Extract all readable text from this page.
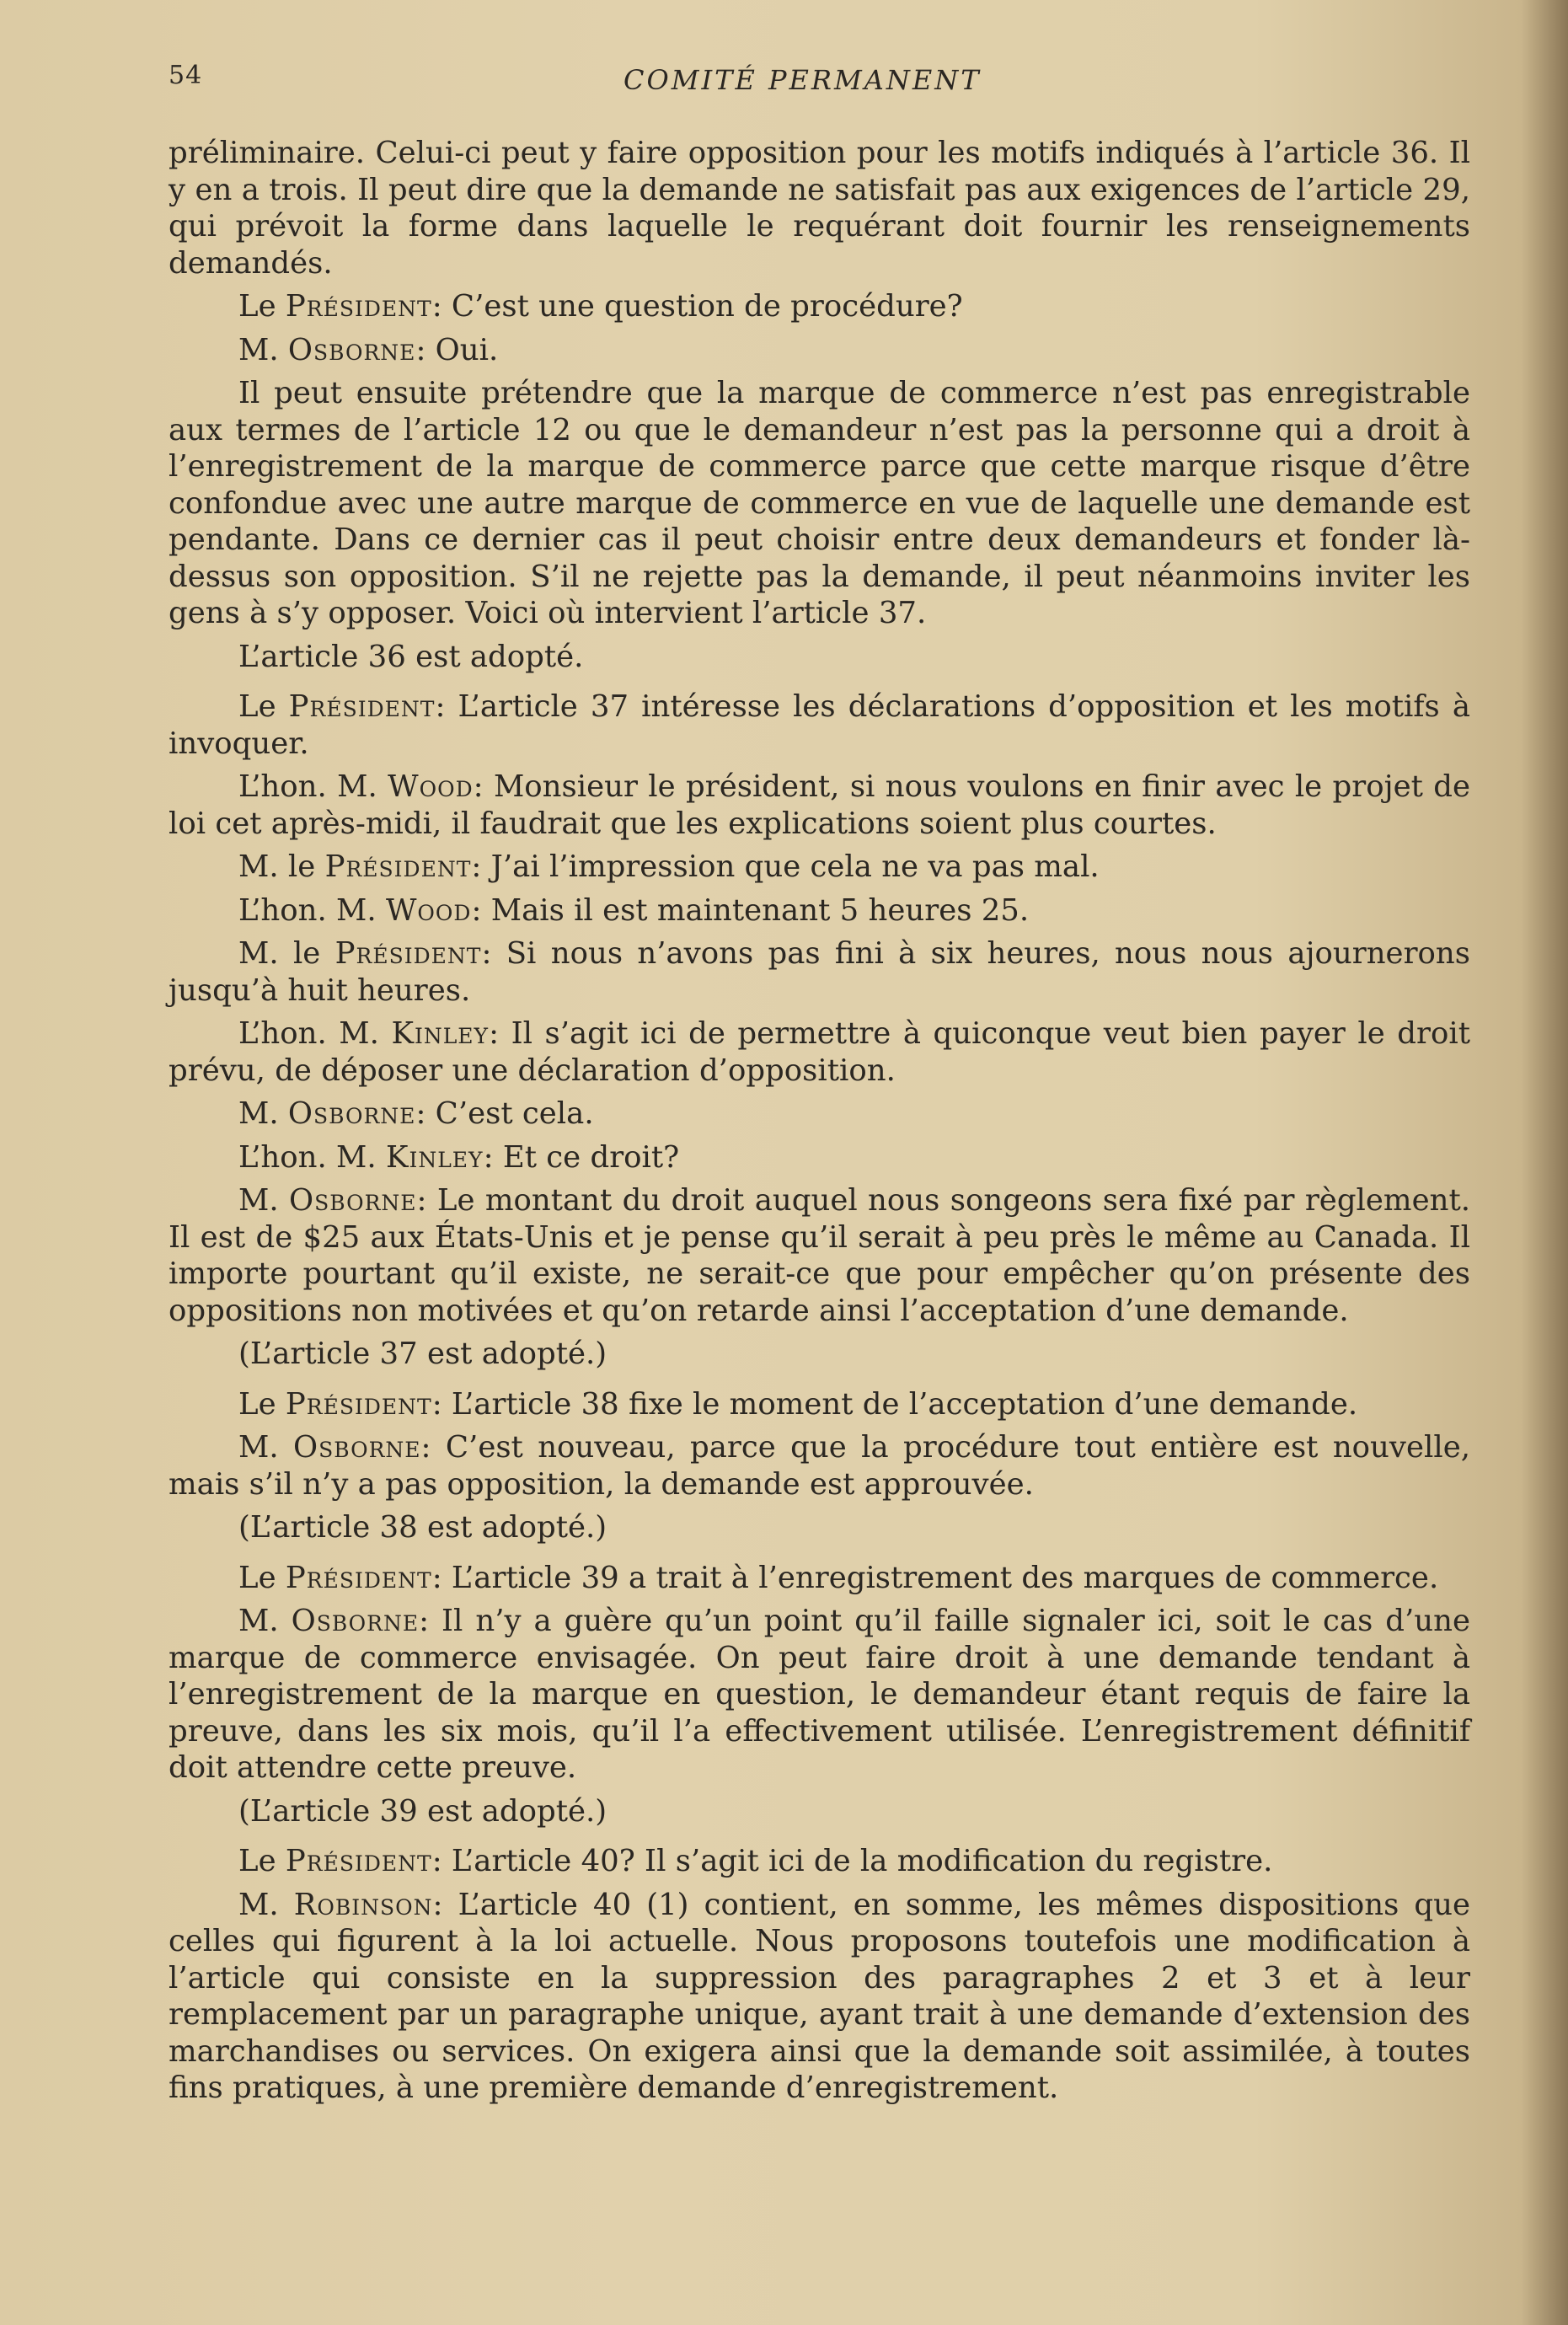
54	COMITÉ PERMANENT

préliminaire. Celui-ci peut y faire opposition pour les motifs indiqués à l’article 36. Il y en a trois. Il peut dire que la demande ne satisfait pas aux exigences de l’article 29, qui prévoit la forme dans laquelle le requérant doit fournir les renseignements demandés.

Le Président: C’est une question de procédure?

M. Osborne: Oui.

Il peut ensuite prétendre que la marque de commerce n’est pas enregistrable aux termes de l’article 12 ou que le demandeur n’est pas la personne qui a droit à l’enregistrement de la marque de commerce parce que cette marque risque d’être confondue avec une autre marque de commerce en vue de laquelle une demande est pendante. Dans ce dernier cas il peut choisir entre deux demandeurs et fonder là-dessus son opposition. S’il ne rejette pas la demande, il peut néanmoins inviter les gens à s’y opposer. Voici où intervient l’article 37.

L’article 36 est adopté.

Le Président: L’article 37 intéresse les déclarations d’opposition et les motifs à invoquer.

L’hon. M. Wood: Monsieur le président, si nous voulons en finir avec le projet de loi cet après-midi, il faudrait que les explications soient plus courtes.

M. le Président: J’ai l’impression que cela ne va pas mal.

L’hon. M. Wood: Mais il est maintenant 5 heures 25.

M. le Président: Si nous n’avons pas fini à six heures, nous nous ajournerons jusqu’à huit heures.

L’hon. M. Kinley: Il s’agit ici de permettre à quiconque veut bien payer le droit prévu, de déposer une déclaration d’opposition.

M. Osborne: C’est cela.

L’hon. M. Kinley: Et ce droit?

M. Osborne: Le montant du droit auquel nous songeons sera fixé par règlement. Il est de $25 aux États-Unis et je pense qu’il serait à peu près le même au Canada. Il importe pourtant qu’il existe, ne serait-ce que pour empêcher qu’on présente des oppositions non motivées et qu’on retarde ainsi l’acceptation d’une demande.

(L’article 37 est adopté.)

Le Président: L’article 38 fixe le moment de l’acceptation d’une demande.

M. Osborne: C’est nouveau, parce que la procédure tout entière est nouvelle, mais s’il n’y a pas opposition, la demande est approuvée.

(L’article 38 est adopté.)

Le Président: L’article 39 a trait à l’enregistrement des marques de commerce.

M. Osborne: Il n’y a guère qu’un point qu’il faille signaler ici, soit le cas d’une marque de commerce envisagée. On peut faire droit à une demande tendant à l’enregistrement de la marque en question, le demandeur étant requis de faire la preuve, dans les six mois, qu’il l’a effectivement utilisée. L’enregistrement définitif doit attendre cette preuve.

(L’article 39 est adopté.)

Le Président: L’article 40? Il s’agit ici de la modification du registre.

M. Robinson: L’article 40 (1) contient, en somme, les mêmes dispositions que celles qui figurent à la loi actuelle. Nous proposons toutefois une modification à l’article qui consiste en la suppression des paragraphes 2 et 3 et à leur remplacement par un paragraphe unique, ayant trait à une demande d’extension des marchandises ou services. On exigera ainsi que la demande soit assimilée, à toutes fins pratiques, à une première demande d’enregistrement.
